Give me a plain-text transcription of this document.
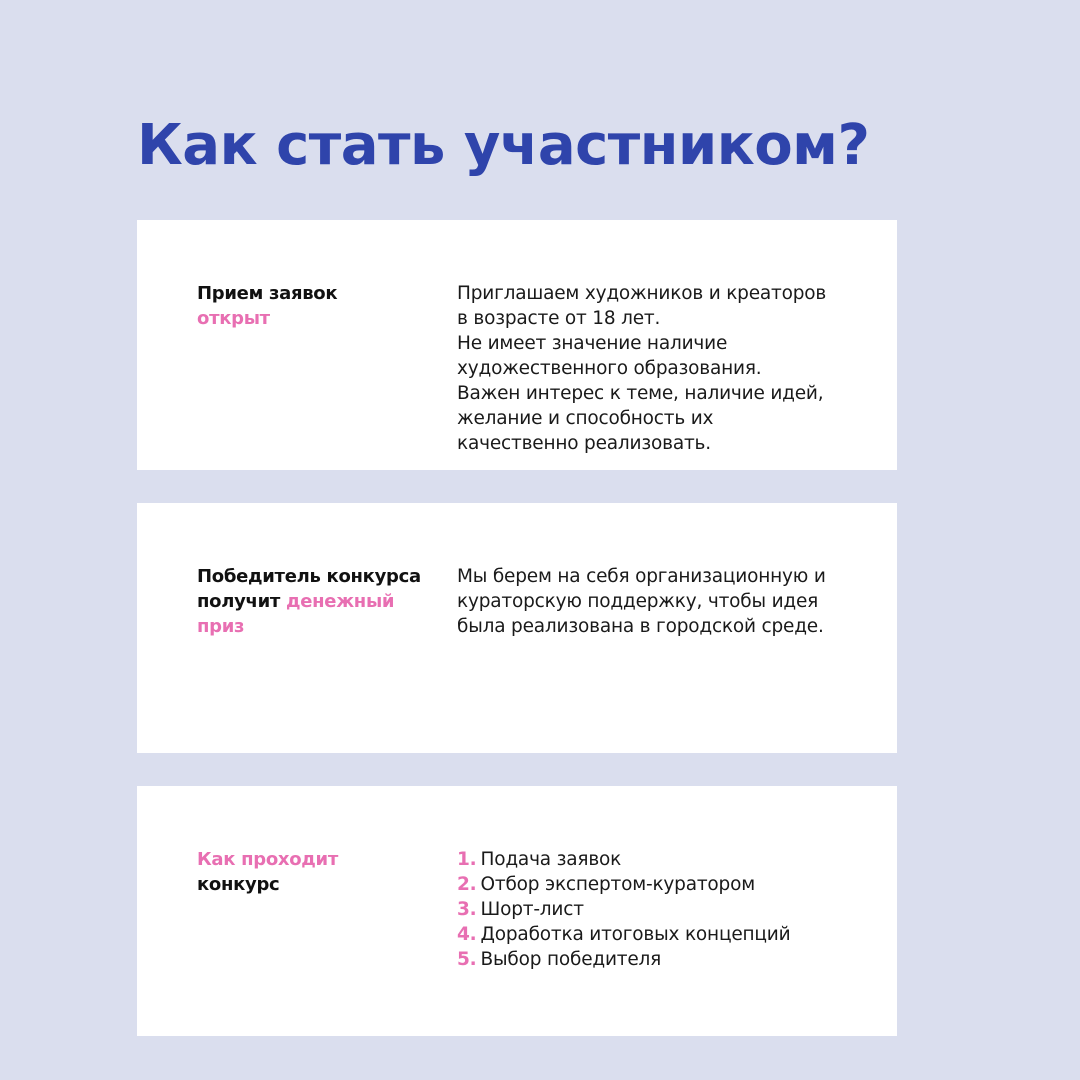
Как стать участником?
Прием заявок
открыт

Приглашаем художников и креаторов

в возрасте от 18 лет.

Не имеет значение наличие

художественного образования.

Важен интерес к теме, наличие идей,

желание и способность их

качественно реализовать.

Победитель конкурса
получит денежный
приз

Мы берем на себя организационную и

кураторскую поддержку, чтобы идея

была реализована в городской среде.

Как проходит
конкурс
1. Подача заявок
2. Отбор экспертом-куратором
3. Шорт-лист
4. Доработка итоговых концепций
5. Выбор победителя
